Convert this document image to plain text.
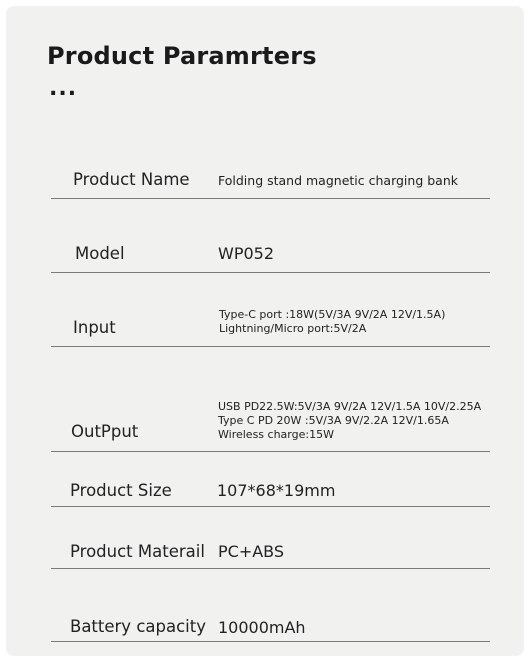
Product Paramrters
...
Product Name Folding stand magnetic charging bank
Model	WP052
Input
Type-C port :18W(5V/3A 9V/2A 12V/1.5A)
Lightning/Micro port:5V/2A
OutPput
USB PD22.5W:5V/3A 9V/2A 12V/1.5A 10V/2.25A
Type C PD 20W :5V/3A 9V/2.2A 12V/1.65A
Wireless charge:15W
Product Size	107*68*19mm
Product Materail PC+ABS
Battery capacity 10000mAh
